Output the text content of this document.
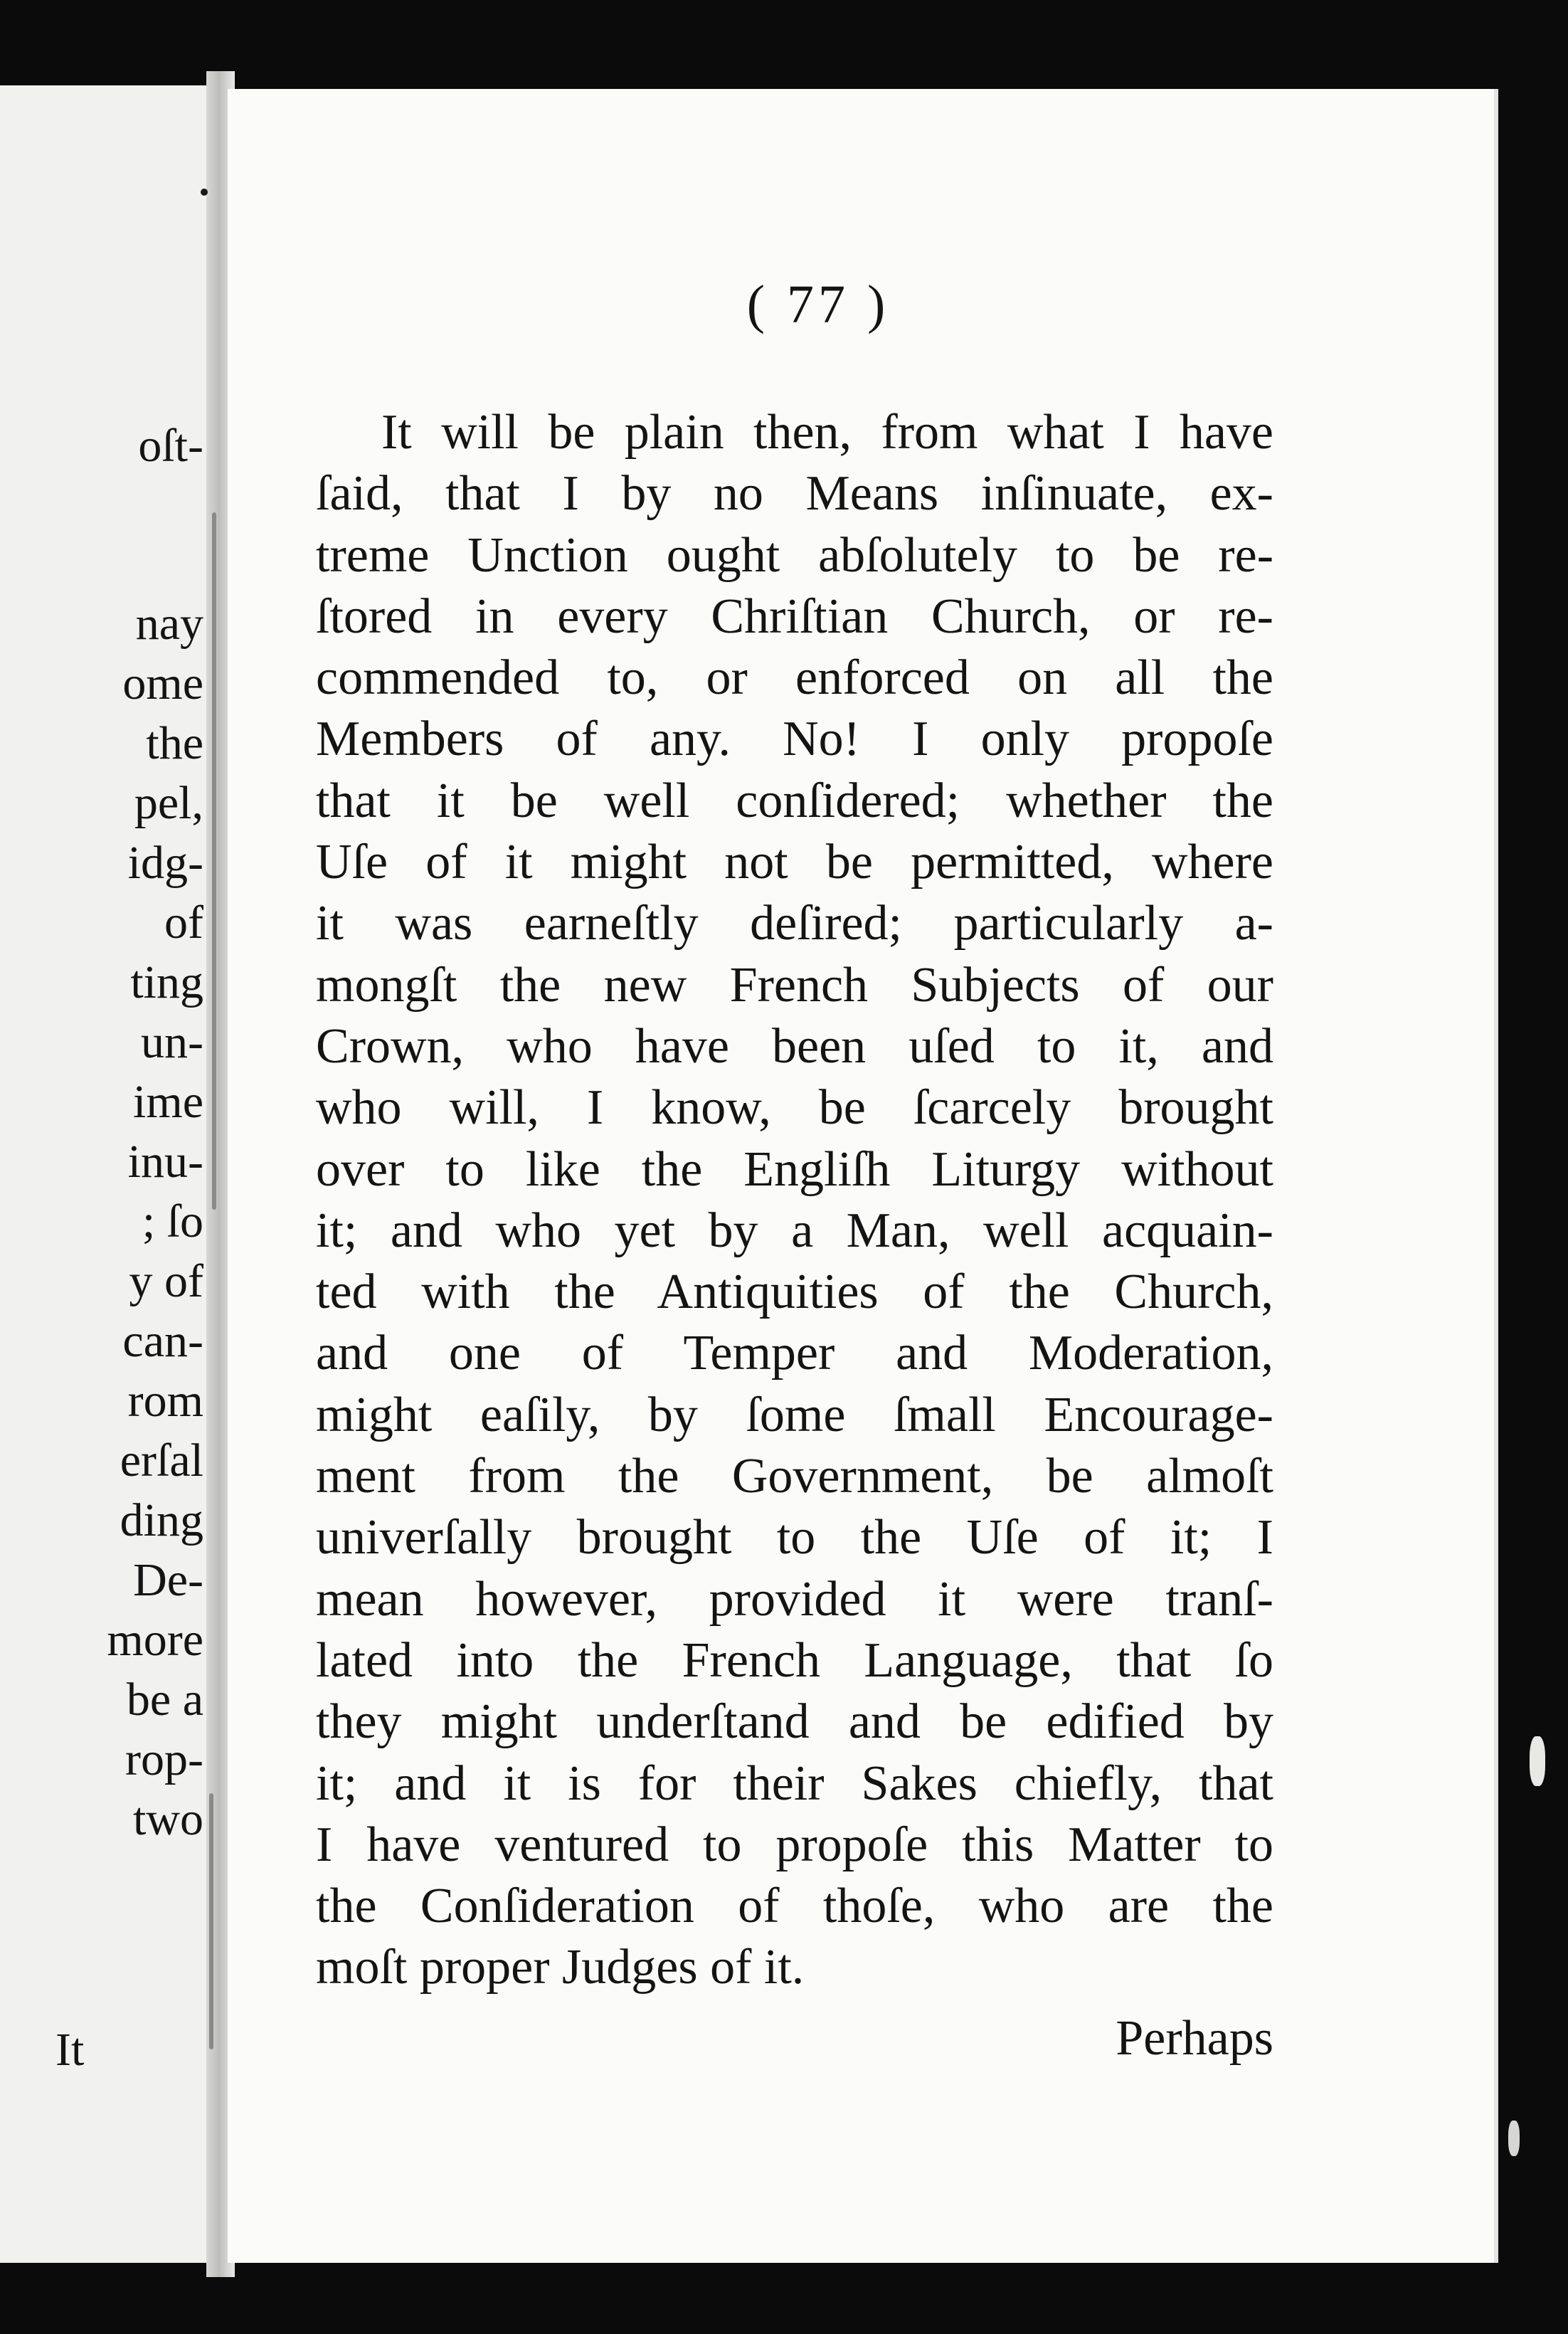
oſt-
nay
ome
the
pel,
idg-
of
ting
un-
ime
inu-
; ſo
y of
can-
rom
erſal
ding
De-
more
be a
rop-
two
It
( 77 )
It will be plain then, from what I have
ſaid, that I by no Means inſinuate, ex-
treme Unction ought abſolutely to be re-
ſtored in every Chriſtian Church, or re-
commended to, or enforced on all the
Members of any. No! I only propoſe
that it be well conſidered; whether the
Uſe of it might not be permitted, where
it was earneſtly deſired; particularly a-
mongſt the new French Subjects of our
Crown, who have been uſed to it, and
who will, I know, be ſcarcely brought
over to like the Engliſh Liturgy without
it; and who yet by a Man, well acquain-
ted with the Antiquities of the Church,
and one of Temper and Moderation,
might eaſily, by ſome ſmall Encourage-
ment from the Government, be almoſt
univerſally brought to the Uſe of it; I
mean however, provided it were tranſ-
lated into the French Language, that ſo
they might underſtand and be edified by
it; and it is for their Sakes chiefly, that
I have ventured to propoſe this Matter to
the Conſideration of thoſe, who are the
moſt proper Judges of it.
Perhaps
